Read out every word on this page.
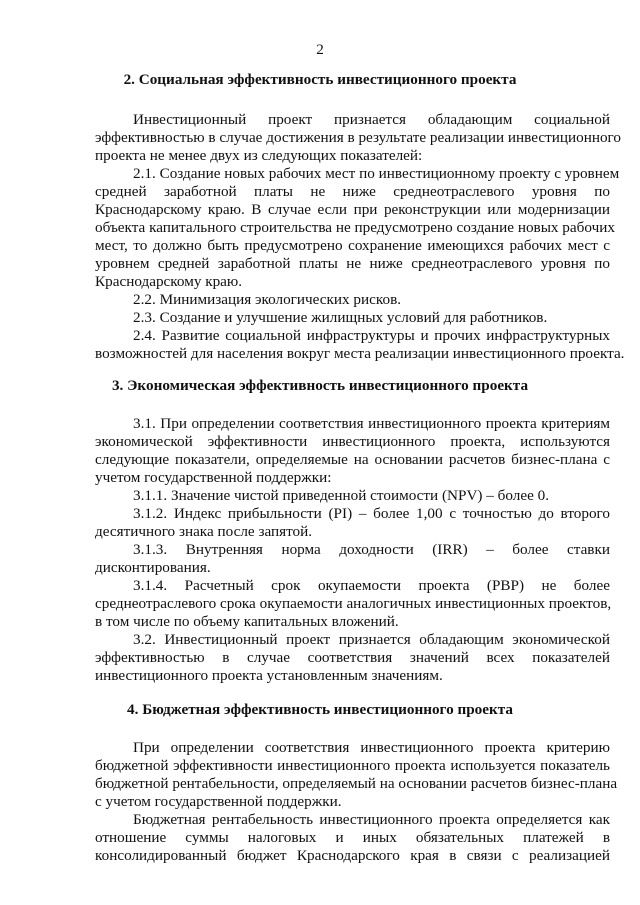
2
2. Социальная эффективность инвестиционного проекта
Инвестиционный проект признается обладающим социальной
эффективностью в случае достижения в результате реализации инвестиционного
проекта не менее двух из следующих показателей:
2.1. Создание новых рабочих мест по инвестиционному проекту с уровнем
средней заработной платы не ниже среднеотраслевого уровня по
Краснодарскому краю. В случае если при реконструкции или модернизации
объекта капитального строительства не предусмотрено создание новых рабочих
мест, то должно быть предусмотрено сохранение имеющихся рабочих мест с
уровнем средней заработной платы не ниже среднеотраслевого уровня по
Краснодарскому краю.
2.2. Минимизация экологических рисков.
2.3. Создание и улучшение жилищных условий для работников.
2.4. Развитие социальной инфраструктуры и прочих инфраструктурных
возможностей для населения вокруг места реализации инвестиционного проекта.
3. Экономическая эффективность инвестиционного проекта
3.1. При определении соответствия инвестиционного проекта критериям
экономической эффективности инвестиционного проекта, используются
следующие показатели, определяемые на основании расчетов бизнес-плана с
учетом государственной поддержки:
3.1.1. Значение чистой приведенной стоимости (NPV) – более 0.
3.1.2. Индекс прибыльности (PI) – более 1,00 с точностью до второго
десятичного знака после запятой.
3.1.3. Внутренняя норма доходности (IRR) – более ставки
дисконтирования.
3.1.4. Расчетный срок окупаемости проекта (PBP) не более
среднеотраслевого срока окупаемости аналогичных инвестиционных проектов,
в том числе по объему капитальных вложений.
3.2. Инвестиционный проект признается обладающим экономической
эффективностью в случае соответствия значений всех показателей
инвестиционного проекта установленным значениям.
4. Бюджетная эффективность инвестиционного проекта
При определении соответствия инвестиционного проекта критерию
бюджетной эффективности инвестиционного проекта используется показатель
бюджетной рентабельности, определяемый на основании расчетов бизнес-плана
с учетом государственной поддержки.
Бюджетная рентабельность инвестиционного проекта определяется как
отношение суммы налоговых и иных обязательных платежей в
консолидированный бюджет Краснодарского края в связи с реализацией
